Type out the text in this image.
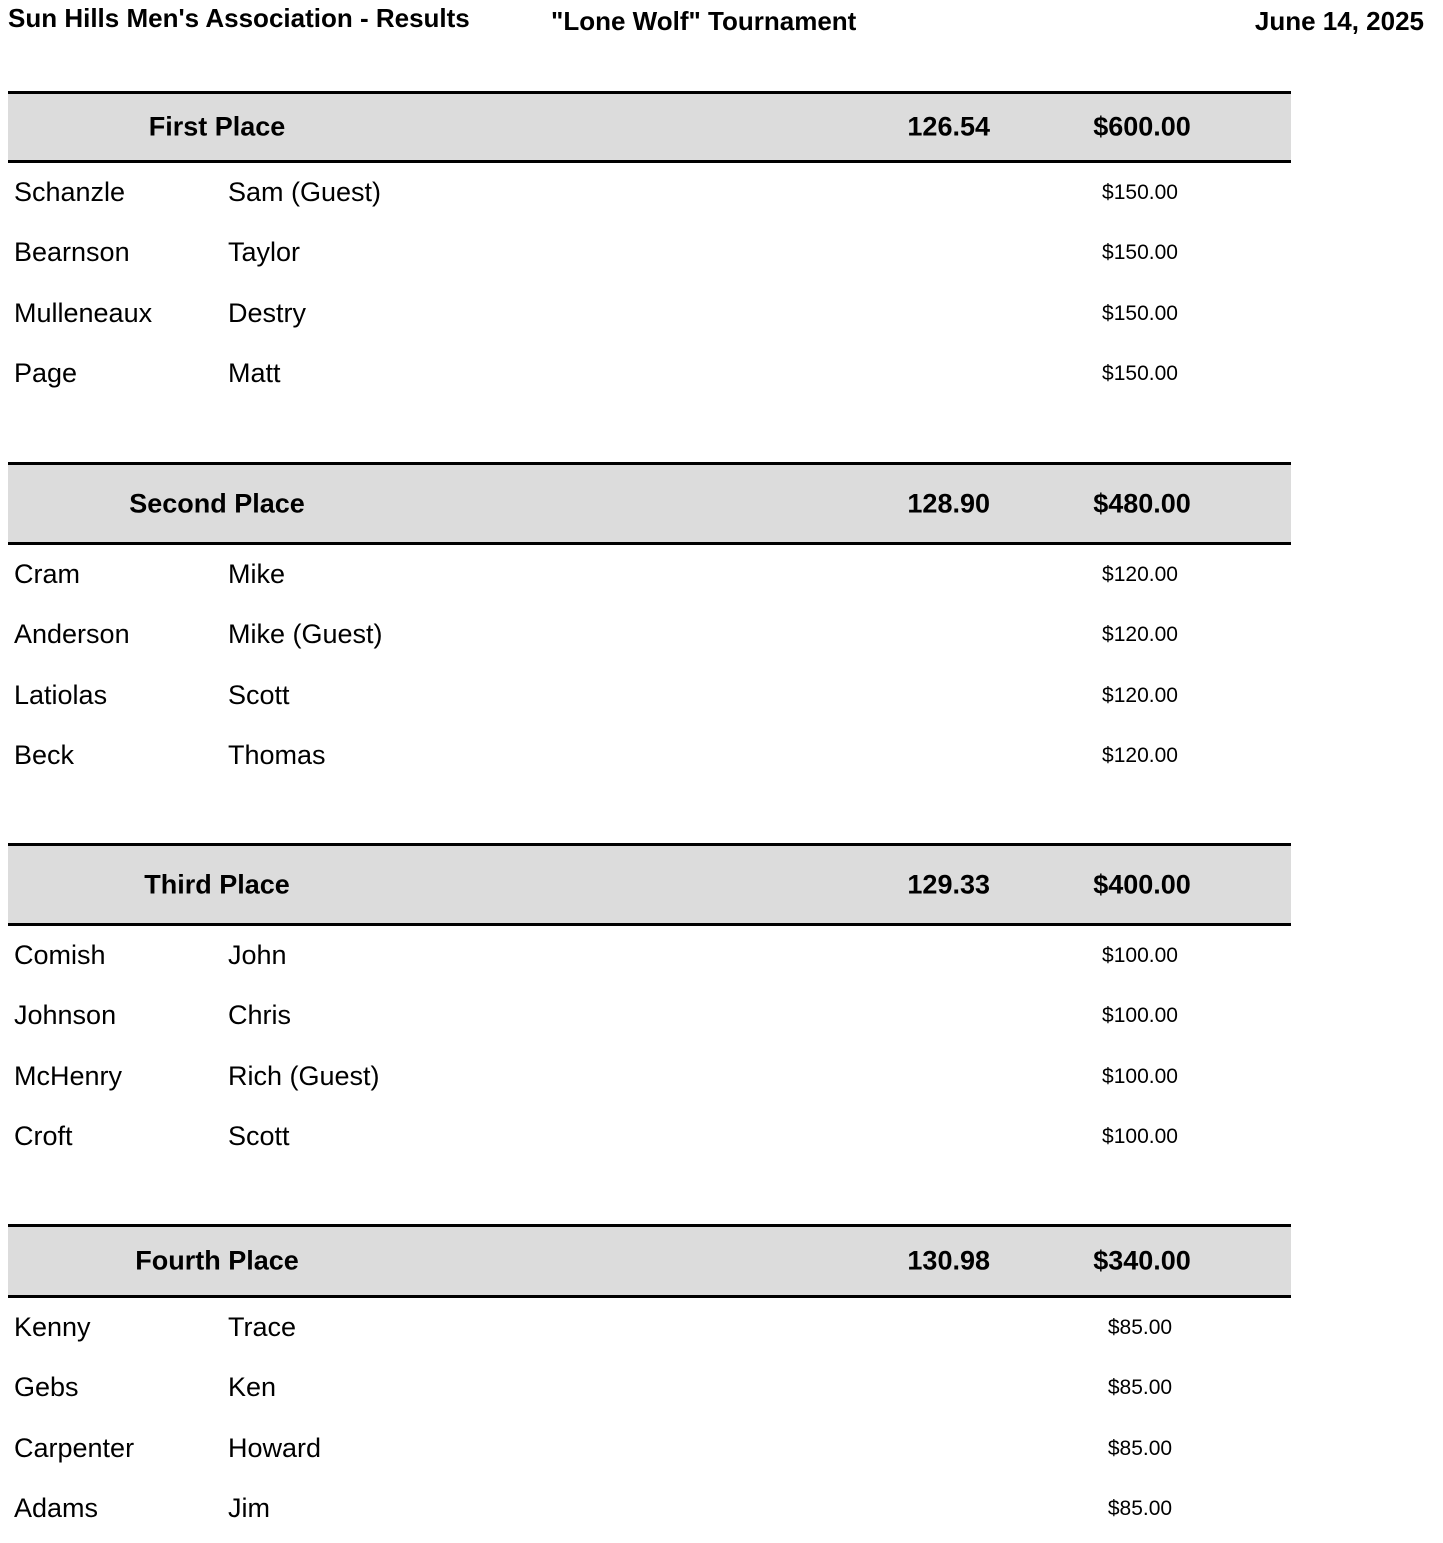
Sun Hills Men's Association - Results	"Lone Wolf" Tournament	June 14, 2025
First Place	126.54	$600.00
Schanzle	Sam (Guest)	$150.00
Bearnson	Taylor	$150.00
Mulleneaux	Destry	$150.00
Page	Matt	$150.00
Second Place	128.90	$480.00
Cram	Mike	$120.00
Anderson	Mike (Guest)	$120.00
Latiolas	Scott	$120.00
Beck	Thomas	$120.00
Third Place	129.33	$400.00
Comish	John	$100.00
Johnson	Chris	$100.00
McHenry	Rich (Guest)	$100.00
Croft	Scott	$100.00
Fourth Place	130.98	$340.00
Kenny	Trace	$85.00
Gebs	Ken	$85.00
Carpenter	Howard	$85.00
Adams	Jim	$85.00
